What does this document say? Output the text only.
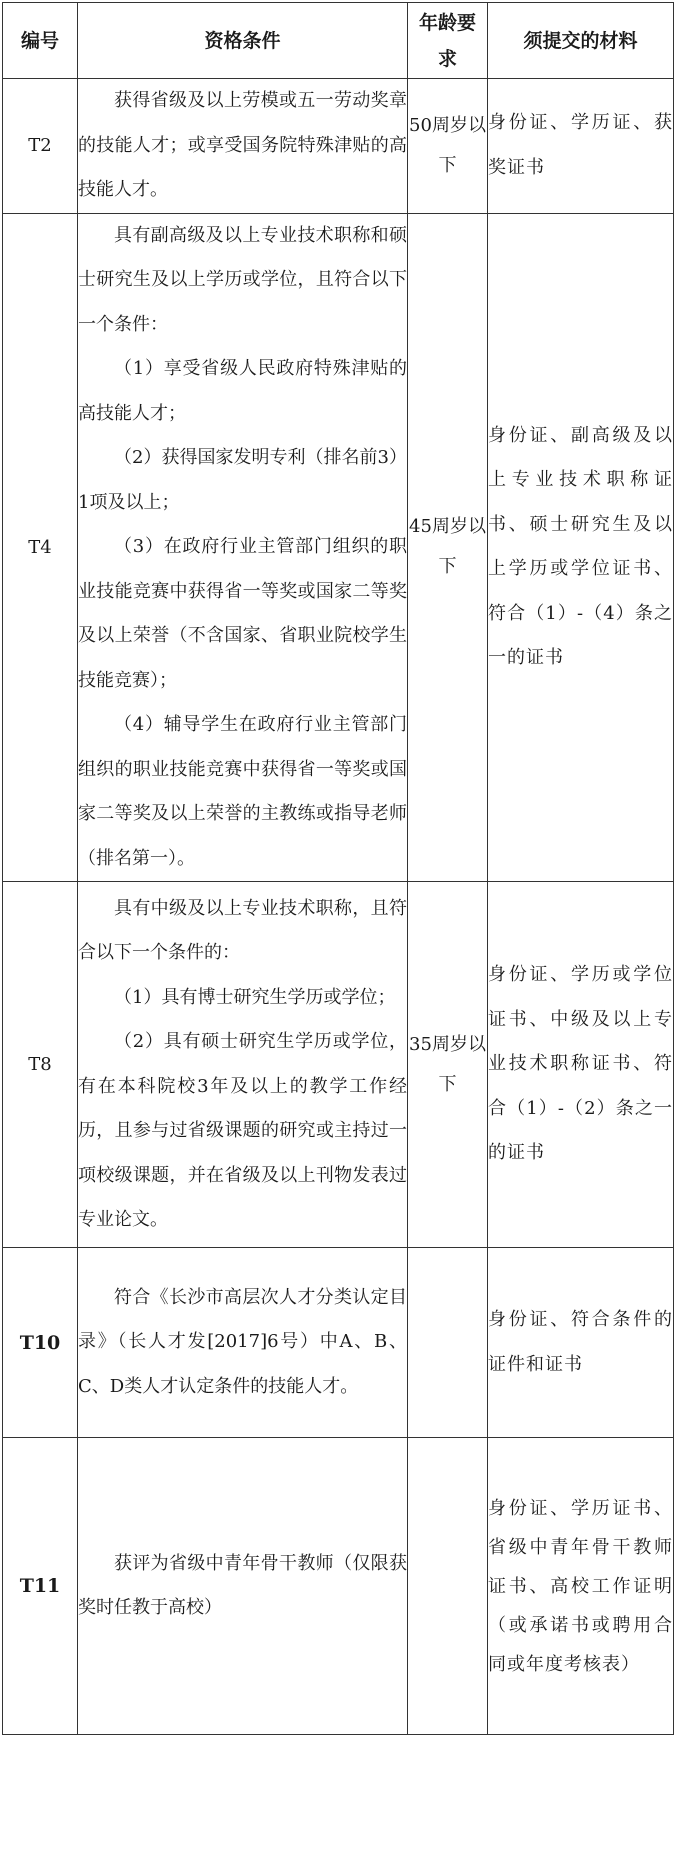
编号	资格条件	年龄要求	须提交的材料
T2	获得省级及以上劳模或五一劳动奖章的技能人才；或享受国务院特殊津贴的高技能人才。	50周岁以下	身份证、学历证、获奖证书

T4	具有副高级及以上专业技术职称和硕士研究生及以上学历或学位，且符合以下一个条件：

（1）享受省级人民政府特殊津贴的高技能人才；

（2）获得国家发明专利（排名前3）1项及以上；

（3）在政府行业主管部门组织的职业技能竞赛中获得省一等奖或国家二等奖及以上荣誉（不含国家、省职业院校学生技能竞赛）；

（4）辅导学生在政府行业主管部门组织的职业技能竞赛中获得省一等奖或国家二等奖及以上荣誉的主教练或指导老师（排名第一）。	45周岁以下	身份证、副高级及以上专业技术职称证书、硕士研究生及以上学历或学位证书、符合（1）-（4）条之一的证书

T8	具有中级及以上专业技术职称，且符合以下一个条件的：

（1）具有博士研究生学历或学位；

（2）具有硕士研究生学历或学位，有在本科院校3年及以上的教学工作经历，且参与过省级课题的研究或主持过一项校级课题，并在省级及以上刊物发表过专业论文。	35周岁以下	身份证、学历或学位证书、中级及以上专业技术职称证书、符合（1）-（2）条之一的证书

T10	符合《长沙市高层次人才分类认定目录》（长人才发[2017]6号）中A、B、C、D类人才认定条件的技能人才。		身份证、符合条件的证件和证书

T11	获评为省级中青年骨干教师（仅限获奖时任教于高校）		身份证、学历证书、省级中青年骨干教师证书、高校工作证明（或承诺书或聘用合同或年度考核表）
